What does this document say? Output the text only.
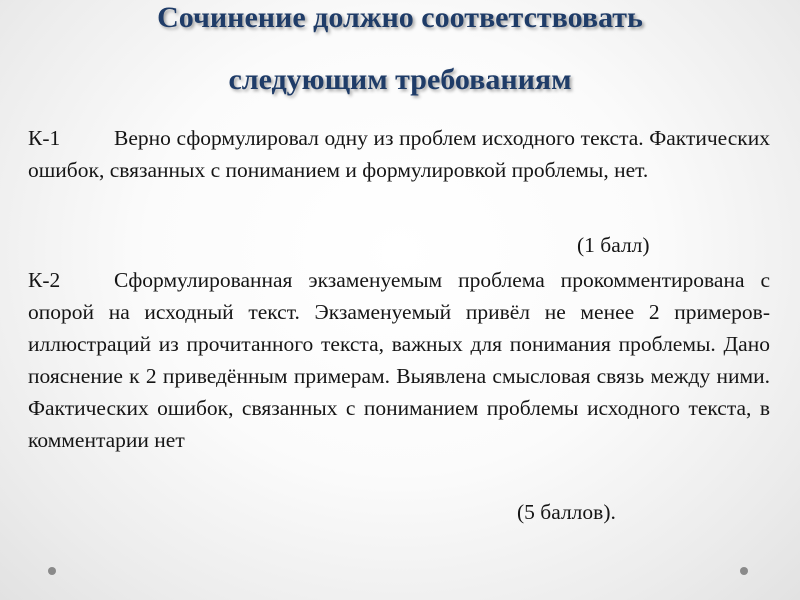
Сочинение должно соответствовать
следующим требованиям
К-1	Верно сформулировал одну из проблем исходного текста. Фактических ошибок, связанных с пониманием и формулировкой проблемы, нет.
(1 балл)
К-2	Сформулированная экзаменуемым проблема прокомментирована с опорой на исходный текст. Экзаменуемый привёл не менее 2 примеров-иллюстраций из прочитанного текста, важных для понимания проблемы. Дано пояснение к 2 приведённым примерам. Выявлена смысловая связь между ними. Фактических ошибок, связанных с пониманием проблемы исходного текста, в комментарии нет
(5 баллов).
